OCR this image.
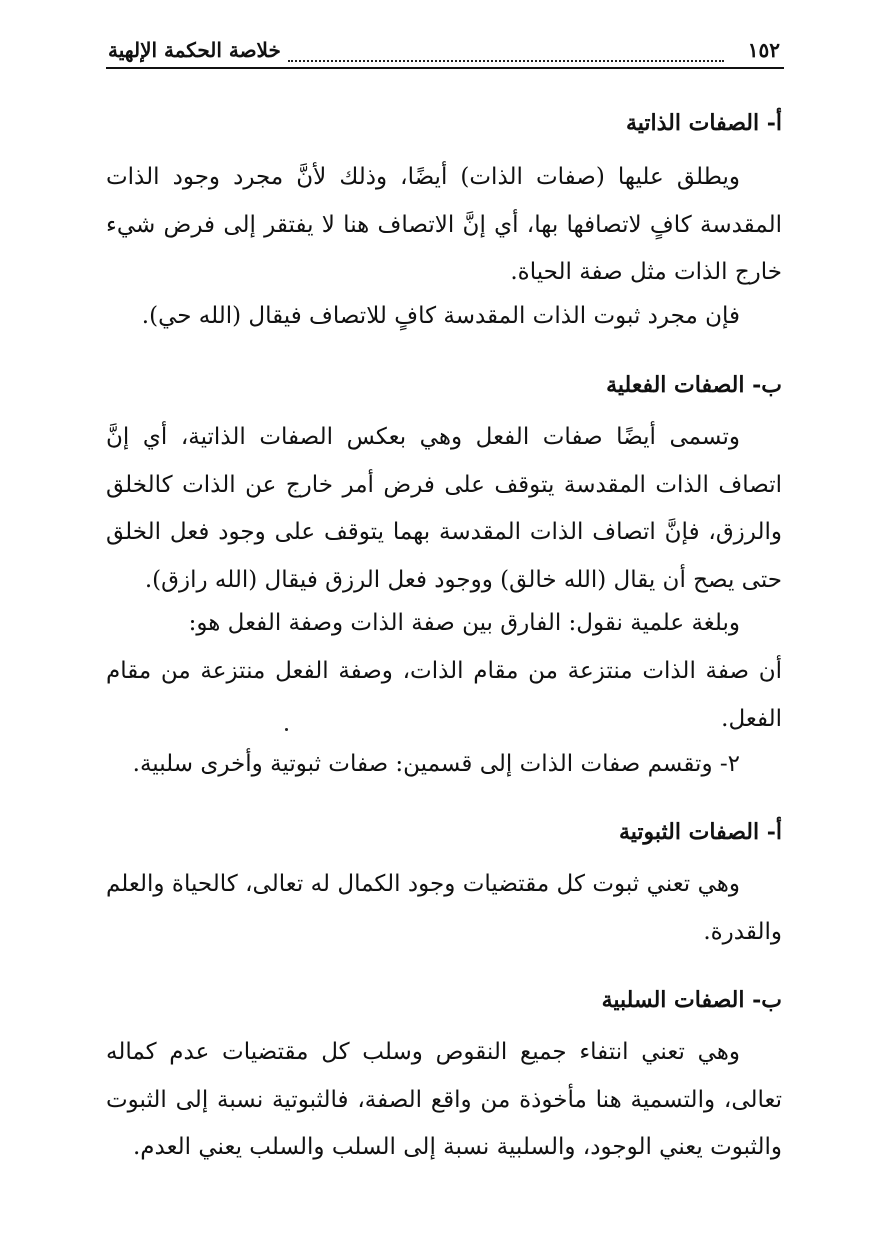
١٥٢
خلاصة الحكمة الإلهية
أ- الصفات الذاتية

ويطلق عليها (صفات الذات) أيضًا، وذلك لأنَّ مجرد وجود الذات المقدسة كافٍ لاتصافها بها، أي إنَّ الاتصاف هنا لا يفتقر إلى فرض شيء خارج الذات مثل صفة الحياة.

فإن مجرد ثبوت الذات المقدسة كافٍ للاتصاف فيقال (الله حي).
ب- الصفات الفعلية

وتسمى أيضًا صفات الفعل وهي بعكس الصفات الذاتية، أي إنَّ اتصاف الذات المقدسة يتوقف على فرض أمر خارج عن الذات كالخلق والرزق، فإنَّ اتصاف الذات المقدسة بهما يتوقف على وجود فعل الخلق حتى يصح أن يقال (الله خالق) ووجود فعل الرزق فيقال (الله رازق).

وبلغة علمية نقول: الفارق بين صفة الذات وصفة الفعل هو:

أن صفة الذات منتزعة من مقام الذات، وصفة الفعل منتزعة من مقام الفعل.

٢- وتقسم صفات الذات إلى قسمين: صفات ثبوتية وأخرى سلبية.
أ- الصفات الثبوتية

وهي تعني ثبوت كل مقتضيات وجود الكمال له تعالى، كالحياة والعلم والقدرة.

ب- الصفات السلبية

وهي تعني انتفاء جميع النقوص وسلب كل مقتضيات عدم كماله تعالى، والتسمية هنا مأخوذة من واقع الصفة، فالثبوتية نسبة إلى الثبوت والثبوت يعني الوجود، والسلبية نسبة إلى السلب والسلب يعني العدم.
